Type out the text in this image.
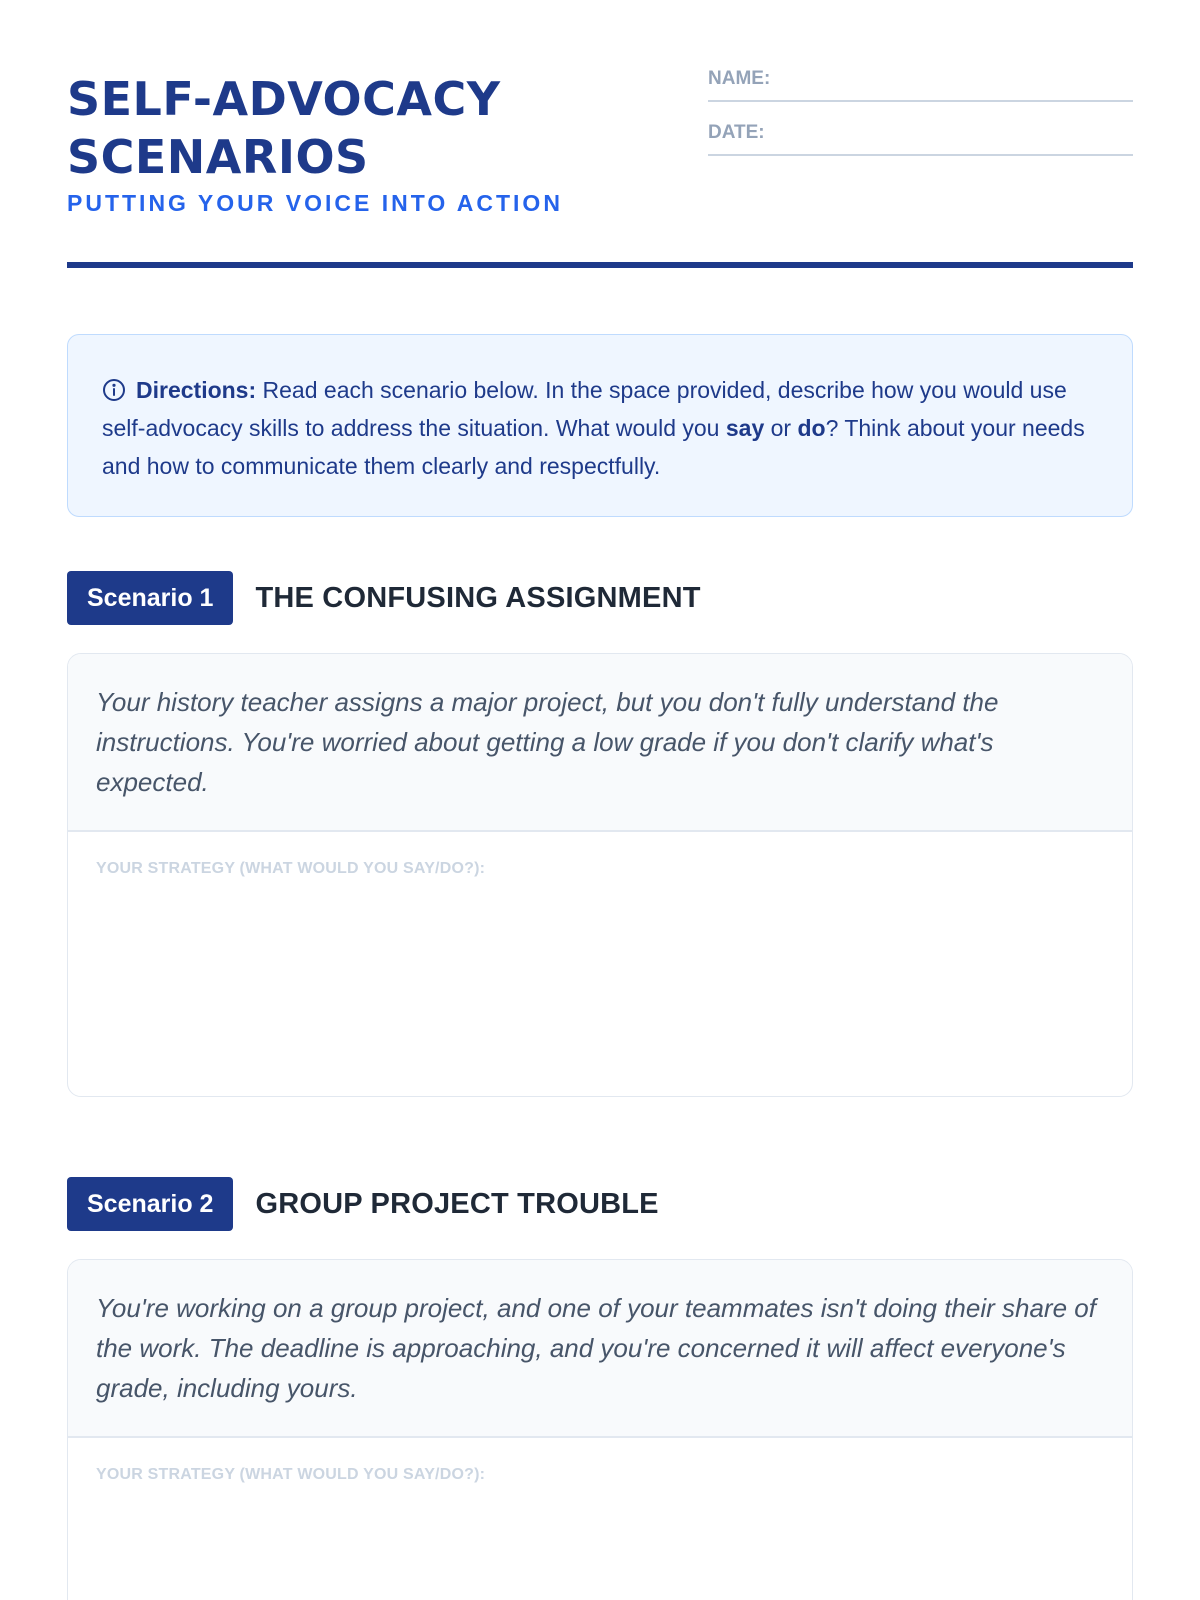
SELF-ADVOCACY
SCENARIOS
PUTTING YOUR VOICE INTO ACTION
NAME:
DATE:

Directions: Read each scenario below. In the space provided, describe how you would use self-advocacy skills to address the situation. What would you say or do? Think about your needs and how to communicate them clearly and respectfully.

Scenario 1	THE CONFUSING ASSIGNMENT
Your history teacher assigns a major project, but you don't fully understand the instructions. You're worried about getting a low grade if you don't clarify what's expected.
YOUR STRATEGY (WHAT WOULD YOU SAY/DO?):
Scenario 2	GROUP PROJECT TROUBLE
You're working on a group project, and one of your teammates isn't doing their share of the work. The deadline is approaching, and you're concerned it will affect everyone's grade, including yours.
YOUR STRATEGY (WHAT WOULD YOU SAY/DO?):
